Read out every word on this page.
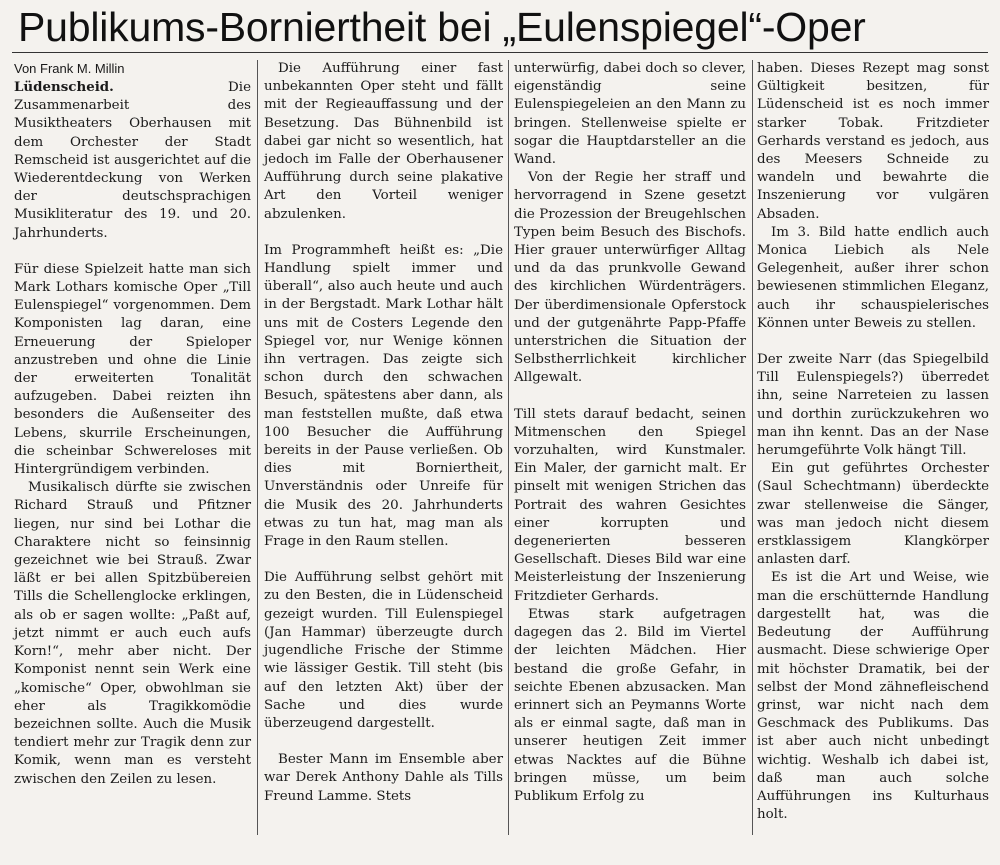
Publikums-Borniertheit bei „Eulenspiegel“-Oper

Von Frank M. Millin

Lüdenscheid.	Die Zusammenarbeit des Musiktheaters Oberhausen mit dem Orchester der Stadt Remscheid ist ausgerichtet auf die Wiederentdeckung von Werken der deutschsprachigen Musikliteratur des 19. und 20. Jahrhunderts.

Für diese Spielzeit hatte man sich Mark Lothars komische Oper „Till Eulenspiegel“ vorgenommen. Dem Komponisten lag daran, eine Erneuerung der Spieloper anzustreben und ohne die Linie der erweiterten Tonalität aufzugeben. Dabei reizten ihn besonders die Außenseiter des Lebens, skurrile Erscheinungen, die scheinbar Schwereloses mit Hintergründigem verbinden.

Musikalisch dürfte sie zwischen Richard Strauß und Pfitzner liegen, nur sind bei Lothar die Charaktere nicht so feinsinnig gezeichnet wie bei Strauß. Zwar läßt er bei allen Spitzbübereien Tills die Schellenglocke erklingen, als ob er sagen wollte: „Paßt auf, jetzt nimmt er auch euch aufs Korn!“, mehr aber nicht. Der Komponist nennt sein Werk eine „komische“ Oper, obwohlman sie eher als Tragikkomödie bezeichnen sollte. Auch die Musik tendiert mehr zur Tragik denn zur Komik, wenn man es versteht zwischen den Zeilen zu lesen.

Die Aufführung einer fast unbekannten Oper steht und fällt mit der Regieauffassung und der Besetzung. Das Bühnenbild ist dabei gar nicht so wesentlich, hat jedoch im Falle der Oberhausener Aufführung durch seine plakative Art den Vorteil weniger abzulenken.

Im Programmheft heißt es: „Die Handlung spielt immer und überall“, also auch heute und auch in der Bergstadt. Mark Lothar hält uns mit de Costers Legende den Spiegel vor, nur Wenige können ihn vertragen. Das zeigte sich schon durch den schwachen Besuch, spätestens aber dann, als man feststellen mußte, daß etwa 100 Besucher die Aufführung bereits in der Pause verließen. Ob dies mit Borniertheit, Unverständnis oder Unreife für die Musik des 20. Jahrhunderts etwas zu tun hat, mag man als Frage in den Raum stellen.

Die Aufführung selbst gehört mit zu den Besten, die in Lüdenscheid gezeigt wurden. Till Eulenspiegel (Jan Hammar) überzeugte durch jugendliche Frische der Stimme wie lässiger Gestik. Till steht (bis auf den letzten Akt) über der Sache und dies wurde überzeugend dargestellt.

Bester Mann im Ensemble aber war Derek Anthony Dahle als Tills Freund Lamme. Stets

unterwürfig, dabei doch so clever, eigenständig seine Eulenspiegeleien an den Mann zu bringen. Stellenweise spielte er sogar die Hauptdarsteller an die Wand.

Von der Regie her straff und hervorragend in Szene gesetzt die Prozession der Breugehlschen Typen beim Besuch des Bischofs. Hier grauer unterwürfiger Alltag und da das prunkvolle Gewand des kirchlichen Würdenträgers. Der überdimensionale Opferstock und der gutgenährte Papp-Pfaffe unterstrichen die Situation der Selbstherrlichkeit kirchlicher Allgewalt.

Till stets darauf bedacht, seinen Mitmenschen den Spiegel vorzuhalten, wird Kunstmaler. Ein Maler, der garnicht malt. Er pinselt mit wenigen Strichen das Portrait des wahren Gesichtes einer korrupten und degenerierten besseren Gesellschaft. Dieses Bild war eine Meisterleistung der Inszenierung Fritzdieter Gerhards.

Etwas stark aufgetragen dagegen das 2. Bild im Viertel der leichten Mädchen. Hier bestand die große Gefahr, in seichte Ebenen abzusacken. Man erinnert sich an Peymanns Worte als er einmal sagte, daß man in unserer heutigen Zeit immer etwas Nacktes auf die Bühne bringen müsse, um beim Publikum Erfolg zu

haben. Dieses Rezept mag sonst Gültigkeit besitzen, für Lüdenscheid ist es noch immer starker Tobak. Fritzdieter Gerhards verstand es jedoch, aus des Meesers Schneide zu wandeln und bewahrte die Inszenierung vor vulgären Absaden.

Im 3. Bild hatte endlich auch Monica Liebich als Nele Gelegenheit, außer ihrer schon bewiesenen stimmlichen Eleganz, auch ihr schauspielerisches Können unter Beweis zu stellen.

Der zweite Narr (das Spiegelbild Till Eulenspiegels?) überredet ihn, seine Narreteien zu lassen und dorthin zurückzukehren wo man ihn kennt. Das an der Nase herumgeführte Volk hängt Till.

Ein gut geführtes Orchester (Saul Schechtmann) überdeckte zwar stellenweise die Sänger, was man jedoch nicht diesem erstklassigem Klangkörper anlasten darf.

Es ist die Art und Weise, wie man die erschütternde Handlung dargestellt hat, was die Bedeutung der Aufführung ausmacht. Diese schwierige Oper mit höchster Dramatik, bei der selbst der Mond zähnefleischend grinst, war nicht nach dem Geschmack des Publikums. Das ist aber auch nicht unbedingt wichtig. Weshalb ich dabei ist, daß man auch solche Aufführungen ins Kulturhaus holt.
